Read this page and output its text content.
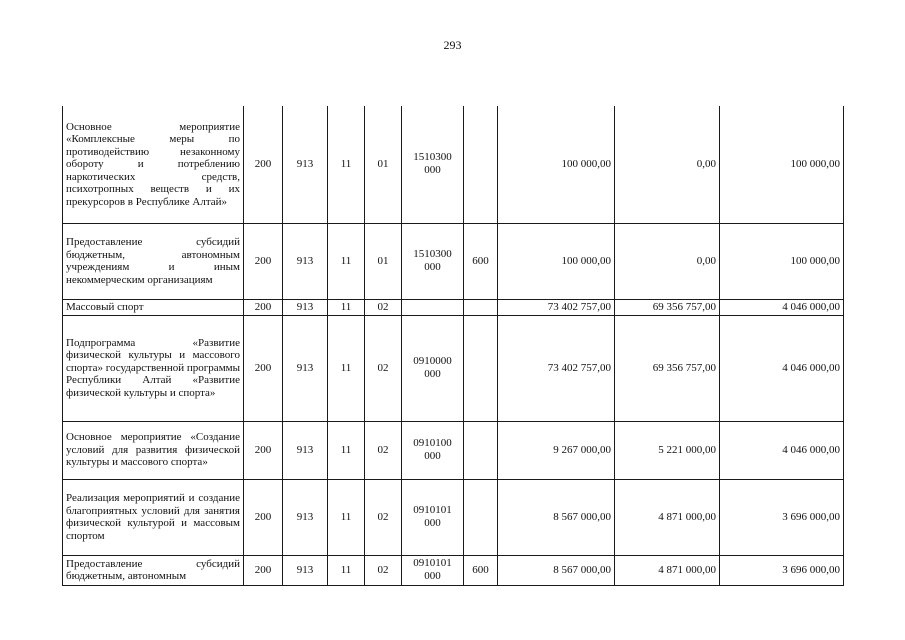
293
Основное мероприятие «Комплексные меры по противодействию незаконному обороту и потреблению наркотических средств, психотропных веществ и их прекурсоров в Республике Алтай»	200	913	11	01	1510300 000		100 000,00	0,00	100 000,00
Предоставление субсидий бюджетным, автономным учреждениям и иным некоммерческим организациям	200	913	11	01	1510300 000	600	100 000,00	0,00	100 000,00
Массовый спорт	200	913	11	02			73 402 757,00	69 356 757,00	4 046 000,00
Подпрограмма «Развитие физической культуры и массового спорта» государственной программы Республики Алтай «Развитие физической культуры и спорта»	200	913	11	02	0910000 000		73 402 757,00	69 356 757,00	4 046 000,00
Основное мероприятие «Создание условий для развития физической культуры и массового спорта»	200	913	11	02	0910100 000		9 267 000,00	5 221 000,00	4 046 000,00
Реализация мероприятий и создание благоприятных условий для занятия физической культурой и массовым спортом	200	913	11	02	0910101 000		8 567 000,00	4 871 000,00	3 696 000,00

Предоставление субсидий бюджетным, автономным	200	913	11	02	0910101 000	600	8 567 000,00	4 871 000,00	3 696 000,00
